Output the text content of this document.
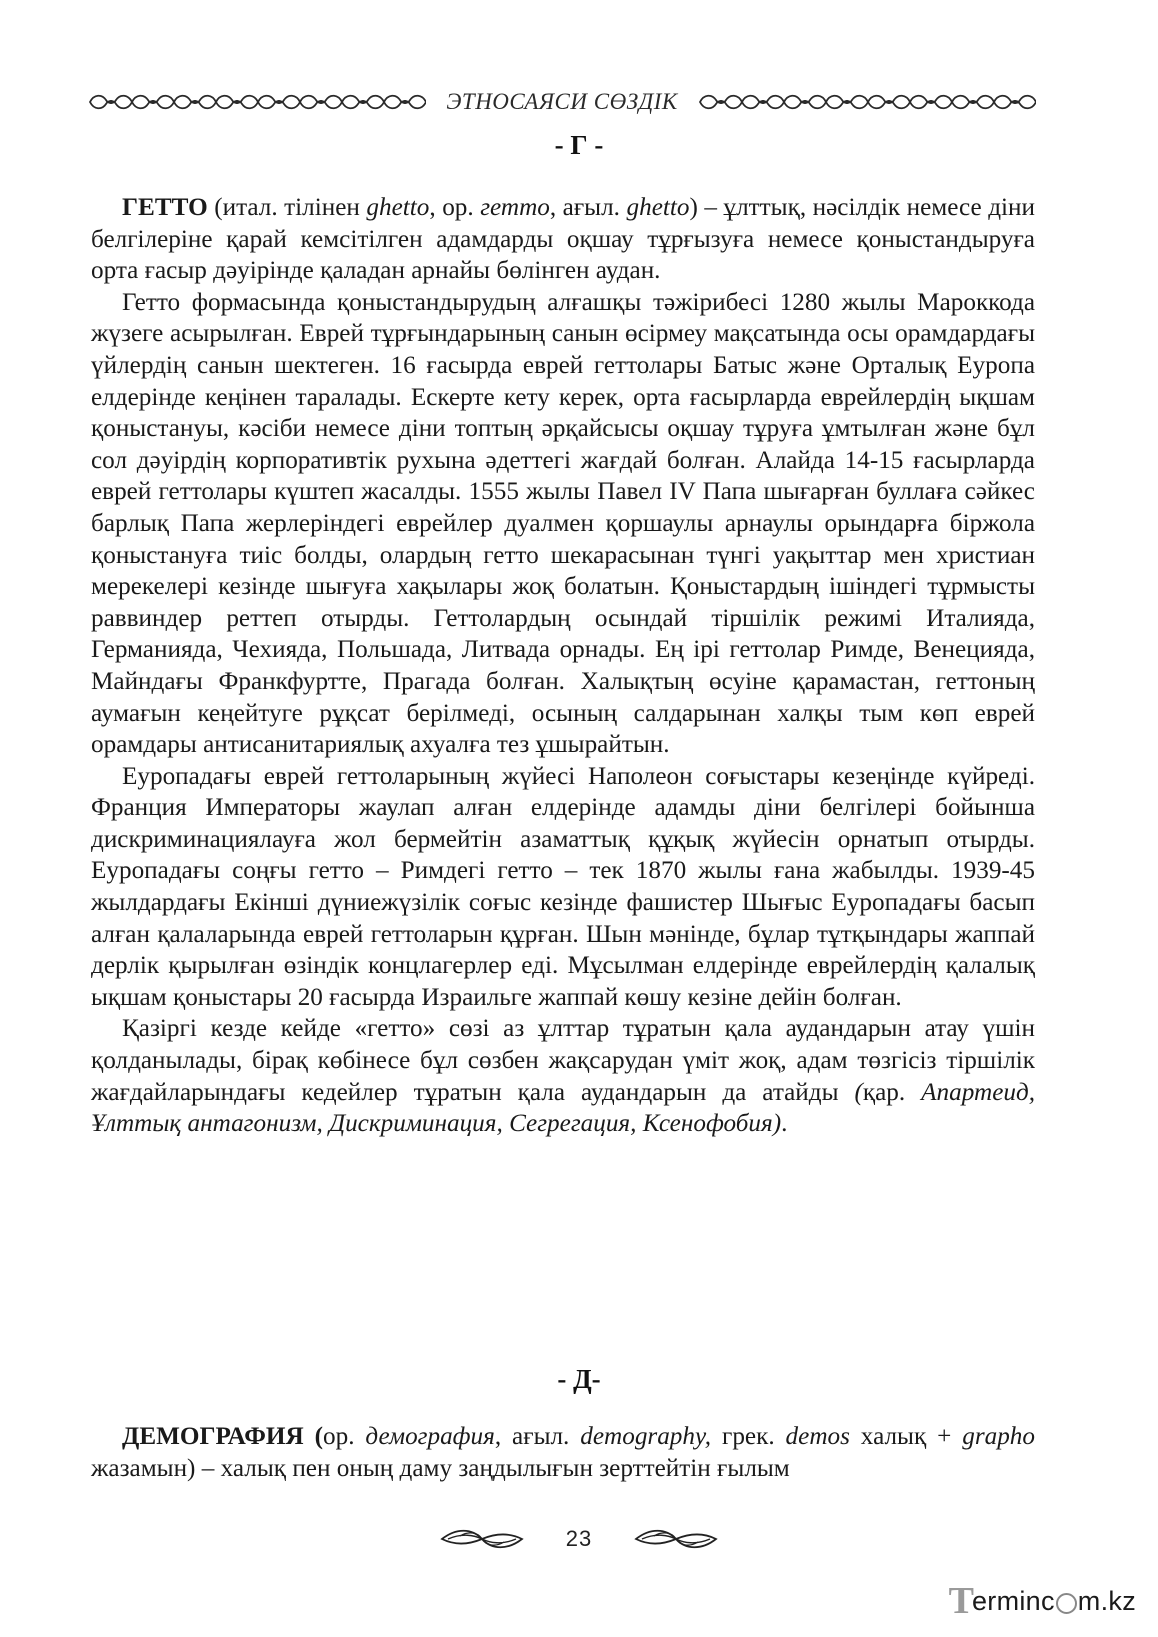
ЭТНОСАЯСИ СӨЗДІК
- Г -

ГЕТТО (итал. тілінен ghetto, ор. гетто, ағыл. ghetto) – ұлттық, нәсілдік немесе діни белгілеріне қарай кемсітілген адамдарды оқшау тұрғызуға немесе қоныстандыруға орта ғасыр дәуірінде қаладан арнайы бөлінген аудан.

Гетто формасында қоныстандырудың алғашқы тәжірибесі 1280 жылы Мароккода жүзеге асырылған. Еврей тұрғындарының санын өсірмеу мақсатында осы орамдардағы үйлердің санын шектеген. 16 ғасырда еврей геттолары Батыс және Орталық Еуропа елдерінде кеңінен таралады. Ескерте кету керек, орта ғасырларда еврейлердің ықшам қоныстануы, кәсіби немесе діни топтың әрқайсысы оқшау тұруға ұмтылған және бұл сол дәуірдің корпоративтік рухына әдеттегі жағдай болған. Алайда 14-15 ғасырларда еврей геттолары күштеп жасалды. 1555 жылы Павел IV Папа шығарған буллаға сәйкес барлық Папа жерлеріндегі еврейлер дуалмен қоршаулы арнаулы орындарға біржола қоныстануға тиіс болды, олардың гетто шекарасынан түнгі уақыттар мен христиан мерекелері кезінде шығуға хақылары жоқ болатын. Қоныстардың ішіндегі тұрмысты раввиндер реттеп отырды. Геттолардың осындай тіршілік режимі Италияда, Германияда, Чехияда, Польшада, Литвада орнады. Ең ірі геттолар Римде, Венецияда, Майндағы Франкфуртте, Прагада болған. Халықтың өсуіне қарамастан, геттоның аумағын кеңейтуге рұқсат берілмеді, осының салдарынан халқы тым көп еврей орамдары антисанитариялық ахуалға тез ұшырайтын.

Еуропадағы еврей геттоларының жүйесі Наполеон соғыстары кезеңінде күйреді. Франция Императоры жаулап алған елдерінде адамды діни белгілері бойынша дискриминациялауға жол бермейтін азаматтық құқық жүйесін орнатып отырды. Еуропадағы соңғы гетто – Римдегі гетто – тек 1870 жылы ғана жабылды. 1939-45 жылдардағы Екінші дүниежүзілік соғыс кезінде фашистер Шығыс Еуропадағы басып алған қалаларында еврей геттоларын құрған. Шын мәнінде, бұлар тұтқындары жаппай дерлік қырылған өзіндік концлагерлер еді. Мұсылман елдерінде еврейлердің қалалық ықшам қоныстары 20 ғасырда Израильге жаппай көшу кезіне дейін болған.

Қазіргі кезде кейде «гетто» сөзі аз ұлттар тұратын қала аудандарын атау үшін қолданылады, бірақ көбінесе бұл сөзбен жақсарудан үміт жоқ, адам төзгісіз тіршілік жағдайларындағы кедейлер тұратын қала аудандарын да атайды (қар. Апартеид, Ұлттық антагонизм, Дискриминация, Сегрегация, Ксенофобия).

- Д-

ДЕМОГРАФИЯ (ор. демография, ағыл. demography, грек. demos халық + grapho жазамын) – халық пен оның даму заңдылығын зерттейтін ғылым

23
T
erminc m.kz
